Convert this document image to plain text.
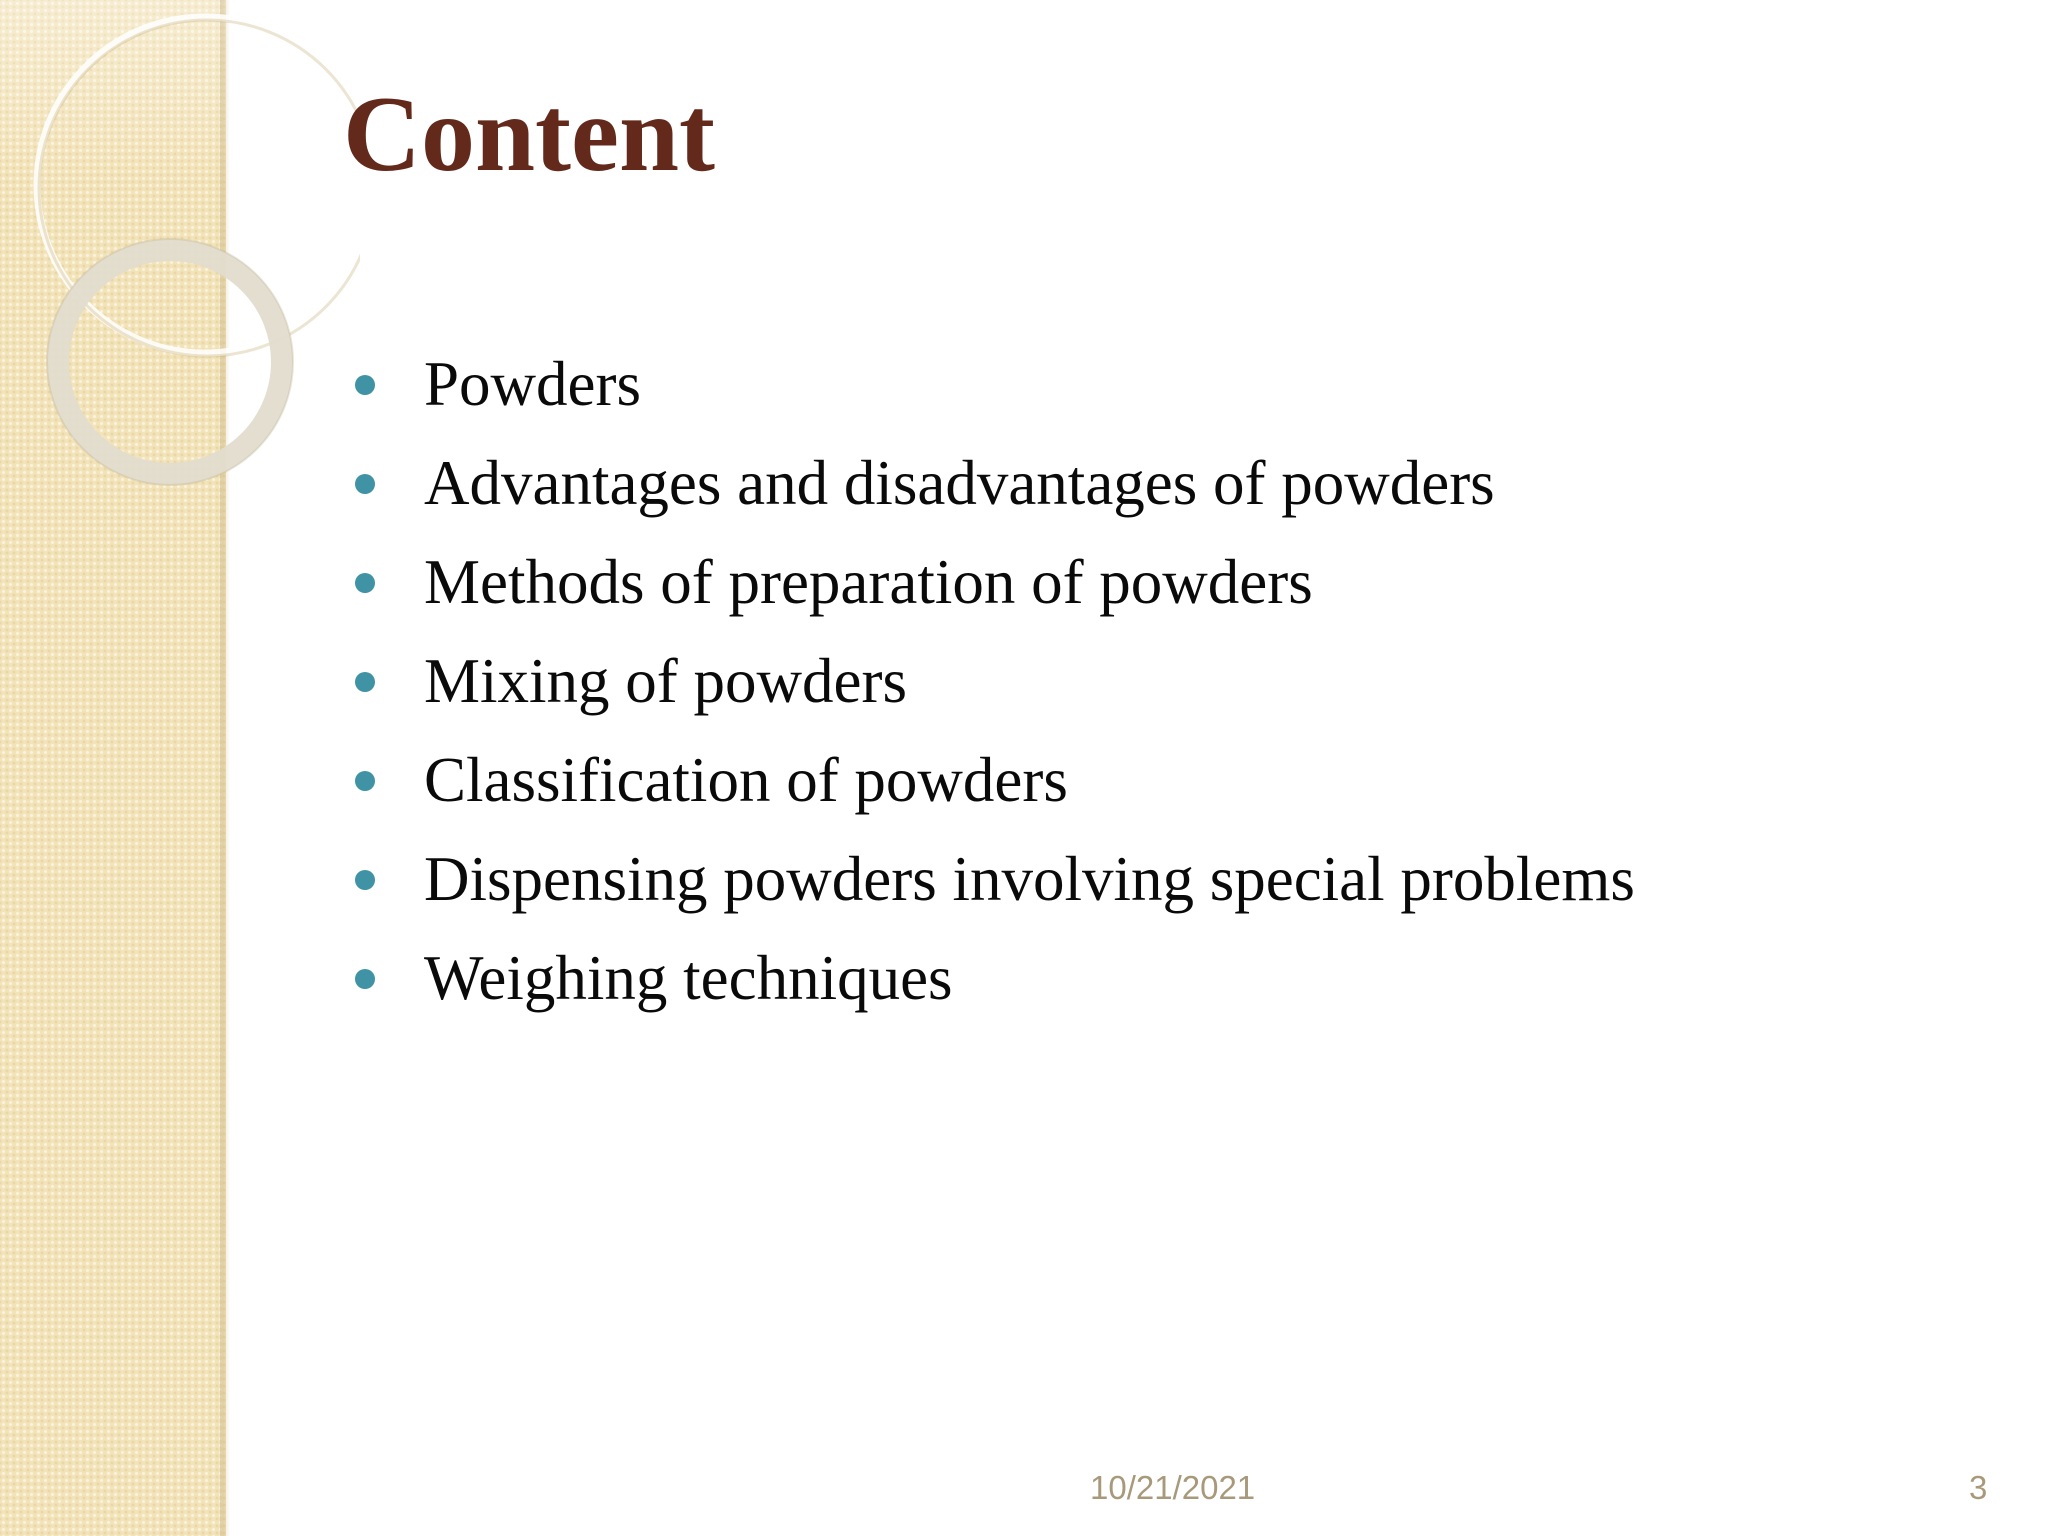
Content
Powders
Advantages and disadvantages of powders
Methods of preparation of powders
Mixing of powders
Classification of powders
Dispensing powders involving special problems
Weighing techniques
10/21/2021	3
